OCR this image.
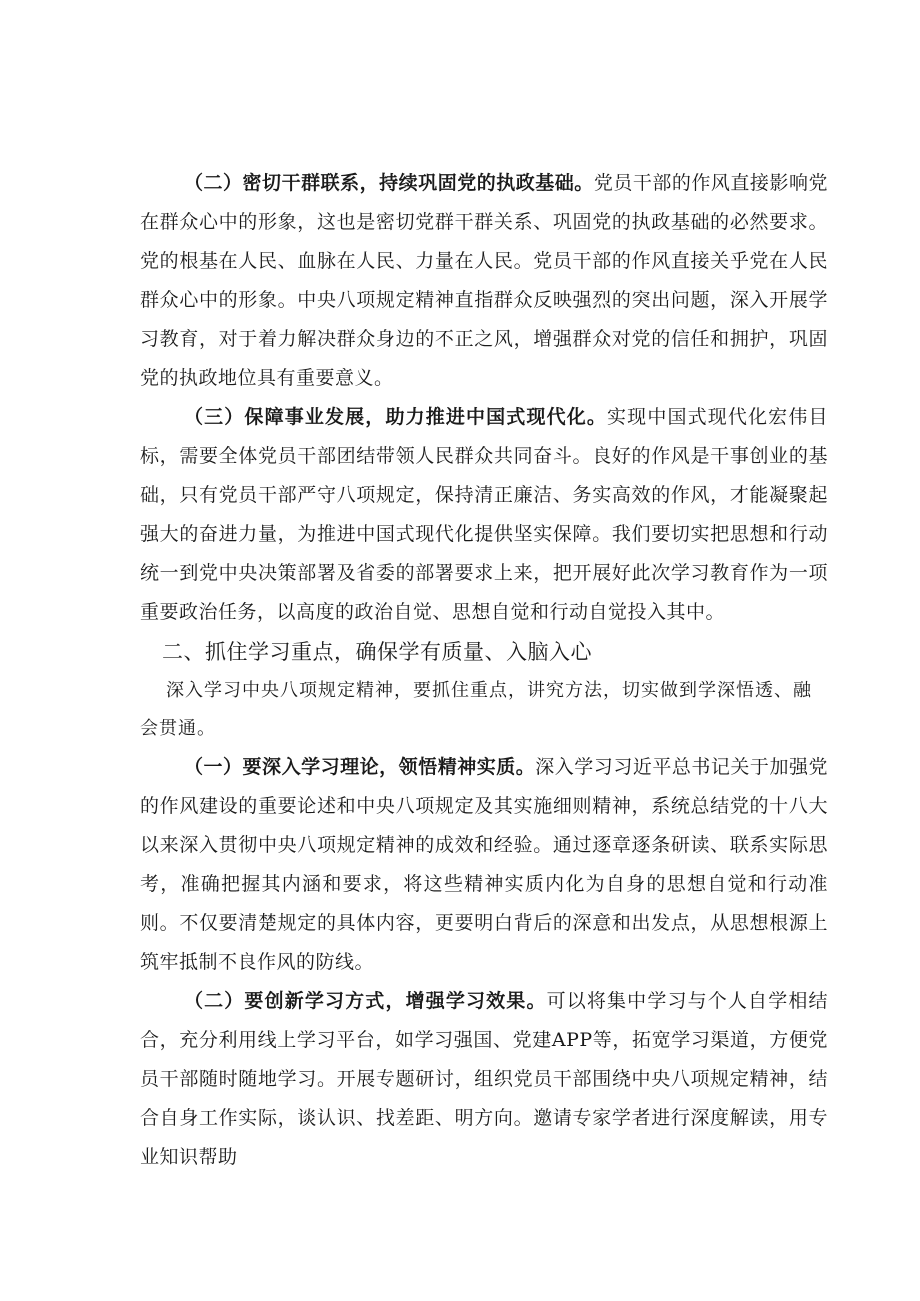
（二）密切干群联系，持续巩固党的执政基础。党员干部的作风直接影响党在群众心中的形象，这也是密切党群干群关系、巩固党的执政基础的必然要求。党的根基在人民、血脉在人民、力量在人民。党员干部的作风直接关乎党在人民群众心中的形象。中央八项规定精神直指群众反映强烈的突出问题，深入开展学习教育，对于着力解决群众身边的不正之风，增强群众对党的信任和拥护，巩固党的执政地位具有重要意义。

（三）保障事业发展，助力推进中国式现代化。实现中国式现代化宏伟目标，需要全体党员干部团结带领人民群众共同奋斗。良好的作风是干事创业的基础，只有党员干部严守八项规定，保持清正廉洁、务实高效的作风，才能凝聚起强大的奋进力量，为推进中国式现代化提供坚实保障。我们要切实把思想和行动统一到党中央决策部署及省委的部署要求上来，把开展好此次学习教育作为一项重要政治任务，以高度的政治自觉、思想自觉和行动自觉投入其中。

二、抓住学习重点，确保学有质量、入脑入心

深入学习中央八项规定精神，要抓住重点，讲究方法，切实做到学深悟透、融会贯通。

（一）要深入学习理论，领悟精神实质。深入学习习近平总书记关于加强党的作风建设的重要论述和中央八项规定及其实施细则精神，系统总结党的十八大以来深入贯彻中央八项规定精神的成效和经验。通过逐章逐条研读、联系实际思考，准确把握其内涵和要求，将这些精神实质内化为自身的思想自觉和行动准则。不仅要清楚规定的具体内容，更要明白背后的深意和出发点，从思想根源上筑牢抵制不良作风的防线。

（二）要创新学习方式，增强学习效果。可以将集中学习与个人自学相结合，充分利用线上学习平台，如学习强国、党建APP等，拓宽学习渠道，方便党员干部随时随地学习。开展专题研讨，组织党员干部围绕中央八项规定精神，结合自身工作实际，谈认识、找差距、明方向。邀请专家学者进行深度解读，用专业知识帮助
